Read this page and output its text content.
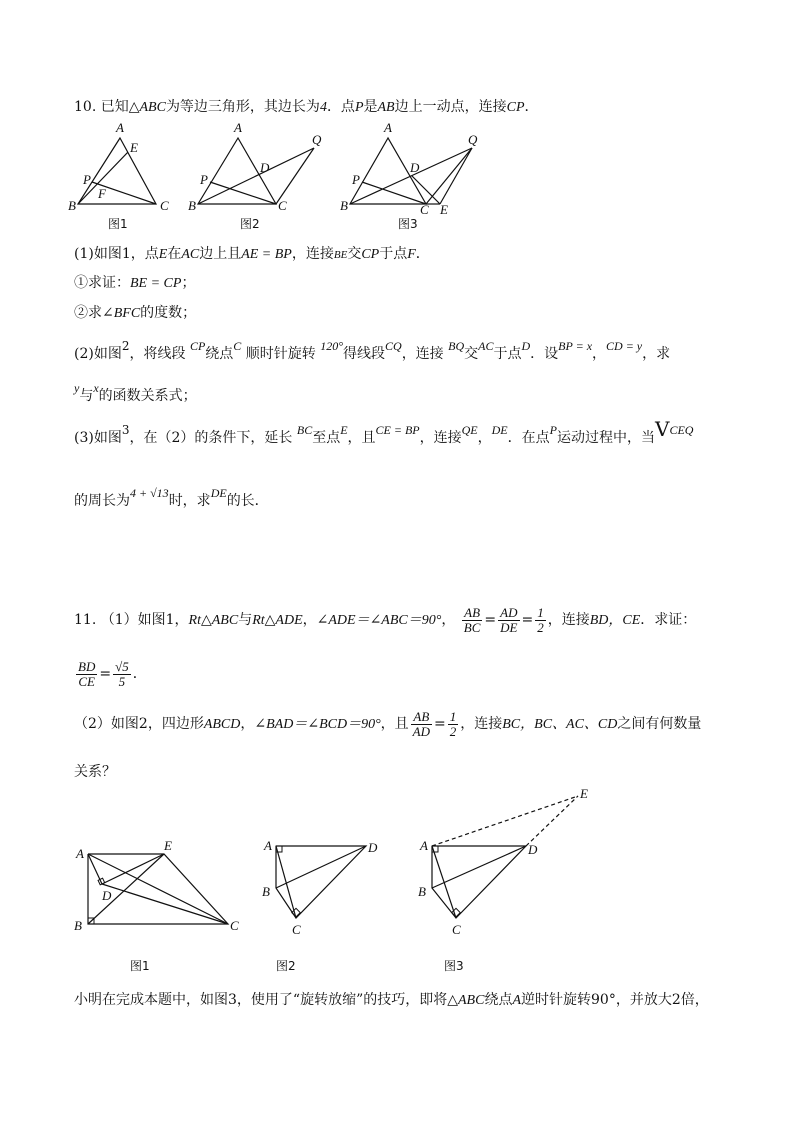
10. 已知△ABC为等边三角形，其边长为4．点P是AB边上一动点，连接CP．
A
E
P
F
B	C
图1
A
Q
D
P
B	C
图2
A
Q
D
P
B	C E
图3
(1)如图1，点E在AC边上且AE = BP，连接BE交CP于点F．
①求证：BE = CP；
②求∠BFC的度数；
(2)如图2，将线段 CP绕点C 顺时针旋转 120°得线段CQ，连接 BQ交AC于点D．设BP = x，CD = y，求
y与x的函数关系式；
(3)如图3，在（2）的条件下，延长 BC至点E，且CE = BP，连接QE，DE．在点P运动过程中，当VCEQ
的周长为4 + √13时，求DE的长．
11. （1）如图1，Rt△ABC与Rt△ADE，∠ADE＝∠ABC＝90°， $\frac{AB}{BC} = \frac{AD}{DE} = \frac{1}{2}$ ，连接BD，CE．求证：
$\frac{BD}{CE} = \frac{√5}{5}$ ．
（2）如图2，四边形ABCD，∠BAD＝∠BCD＝90°，且 $\frac{AB}{AD} = \frac{1}{2}$ ，连接BC，BC、AC、CD之间有何数量
关系？
A
E
D
B	C
图1
A	D
B
C
图2
E
A	D
B
C
图3
小明在完成本题中，如图3，使用了“旋转放缩”的技巧，即将△ABC绕点A逆时针旋转90°，并放大2倍，
